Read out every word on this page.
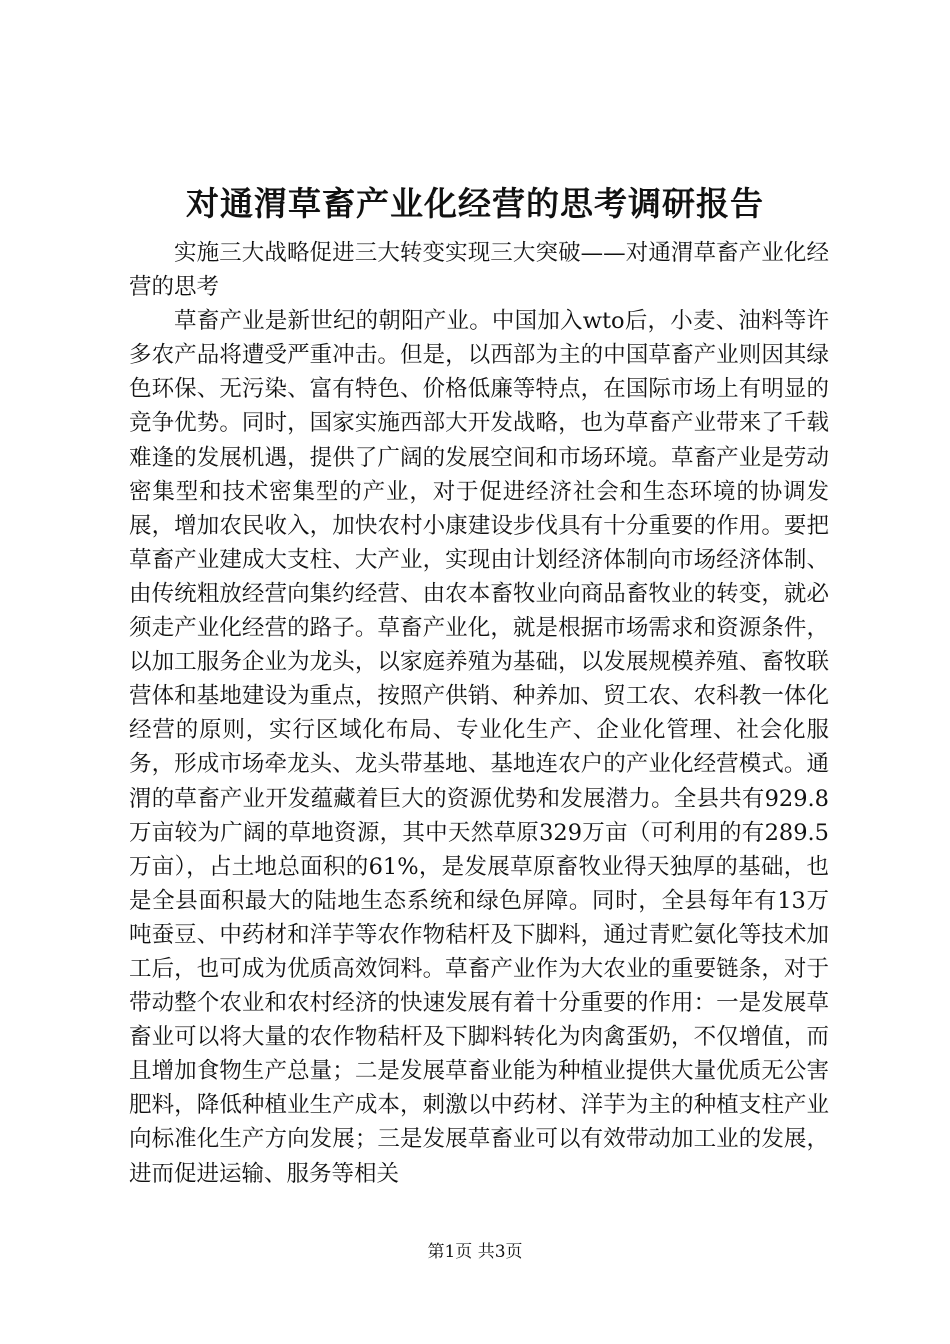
对通渭草畜产业化经营的思考调研报告

实施三大战略促进三大转变实现三大突破——对通渭草畜产业化经营的思考

草畜产业是新世纪的朝阳产业。中国加入wto后，小麦、油料等许多农产品将遭受严重冲击。但是，以西部为主的中国草畜产业则因其绿色环保、无污染、富有特色、价格低廉等特点，在国际市场上有明显的竞争优势。同时，国家实施西部大开发战略，也为草畜产业带来了千载难逢的发展机遇，提供了广阔的发展空间和市场环境。草畜产业是劳动密集型和技术密集型的产业，对于促进经济社会和生态环境的协调发展，增加农民收入，加快农村小康建设步伐具有十分重要的作用。要把草畜产业建成大支柱、大产业，实现由计划经济体制向市场经济体制、由传统粗放经营向集约经营、由农本畜牧业向商品畜牧业的转变，就必须走产业化经营的路子。草畜产业化，就是根据市场需求和资源条件，以加工服务企业为龙头，以家庭养殖为基础，以发展规模养殖、畜牧联营体和基地建设为重点，按照产供销、种养加、贸工农、农科教一体化经营的原则，实行区域化布局、专业化生产、企业化管理、社会化服务，形成市场牵龙头、龙头带基地、基地连农户的产业化经营模式。通渭的草畜产业开发蕴藏着巨大的资源优势和发展潜力。全县共有929.8万亩较为广阔的草地资源，其中天然草原329万亩（可利用的有289.5万亩），占土地总面积的61%，是发展草原畜牧业得天独厚的基础，也是全县面积最大的陆地生态系统和绿色屏障。同时，全县每年有13万吨蚕豆、中药材和洋芋等农作物秸杆及下脚料，通过青贮氨化等技术加工后，也可成为优质高效饲料。草畜产业作为大农业的重要链条，对于带动整个农业和农村经济的快速发展有着十分重要的作用：一是发展草畜业可以将大量的农作物秸杆及下脚料转化为肉禽蛋奶，不仅增值，而且增加食物生产总量；二是发展草畜业能为种植业提供大量优质无公害肥料，降低种植业生产成本，刺激以中药材、洋芋为主的种植支柱产业向标准化生产方向发展；三是发展草畜业可以有效带动加工业的发展，进而促进运输、服务等相关

第1页 共3页
